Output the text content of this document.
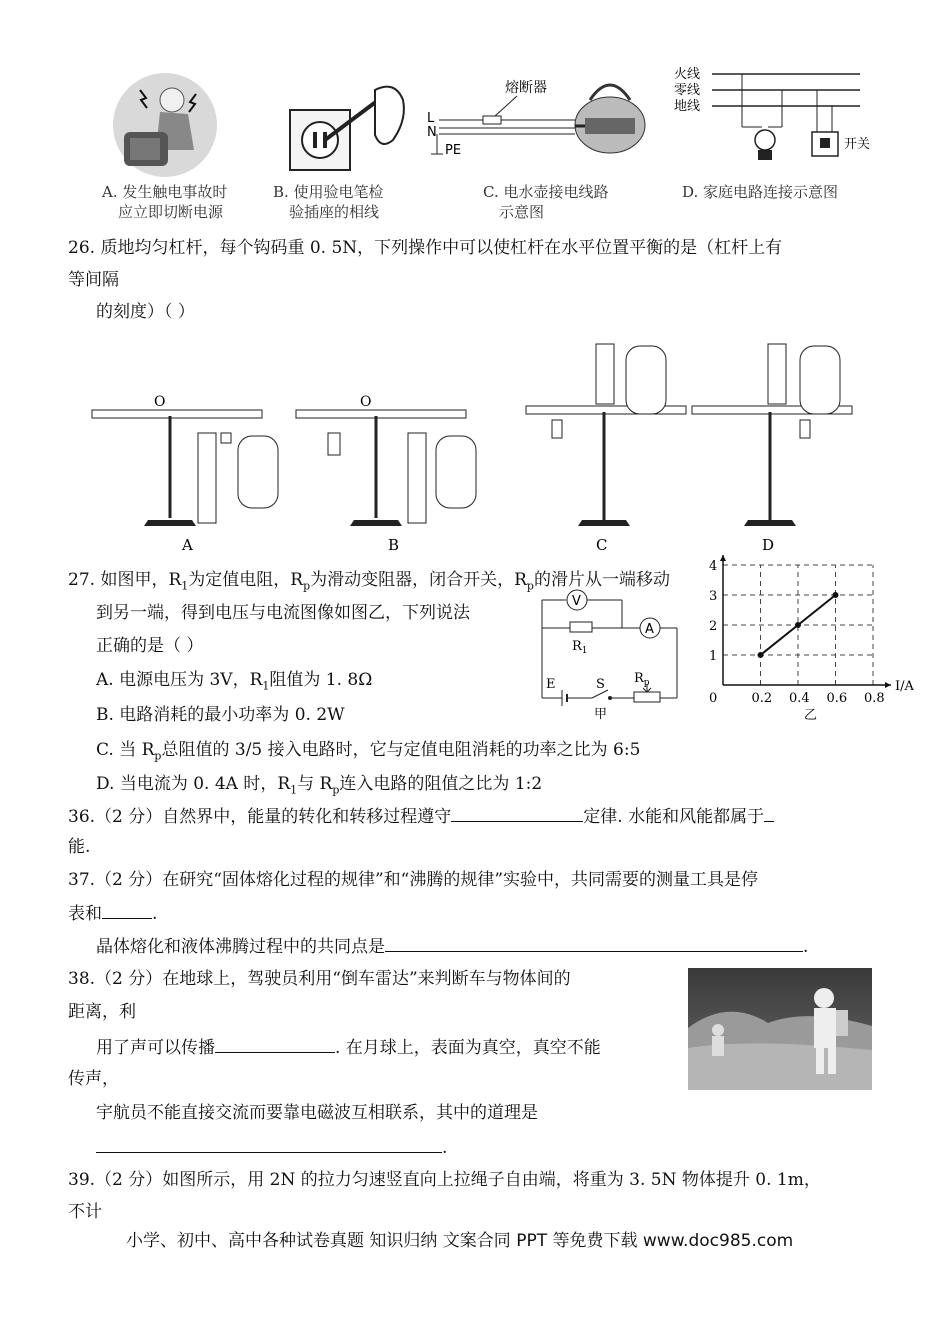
熔断器
L
N
PE
火线
零线
地线
开关
A. 发生触电事故时
应立即切断电源
B. 使用验电笔检
验插座的相线
C. 电水壶接电线路
示意图
D. 家庭电路连接示意图
26. 质地均匀杠杆，每个钩码重 0. 5N，下列操作中可以使杠杆在水平位置平衡的是（杠杆上有
等间隔
的刻度）（ ）
O
A
O
B	C	D
27. 如图甲，$R_1$为定值电阻，$R_p$为滑动变阻器，闭合开关，$R_p$的滑片从一端移动
到另一端，得到电压与电流图像如图乙，下列说法
正确的是（ ）
A. 电源电压为 3V，$R_1$阻值为 1. 8Ω
B. 电路消耗的最小功率为 0. 2W
C. 当 $R_p$总阻值的 3/5 接入电路时，它与定值电阻消耗的功率之比为 6:5
D. 当电流为 0. 4A 时，$R_1$与 $R_p$连入电路的阻值之比为 1:2
V
$R_1$
A
E	S $R_p$
甲
0.2 0.4 0.6 0.8
1
2
3
4
0
I/A
乙
36.（2 分）自然界中，能量的转化和转移过程遵守	定律. 水能和风能都属于
能.
37.（2 分）在研究“固体熔化过程的规律”和“沸腾的规律”实验中，共同需要的测量工具是停
表和	.
晶体熔化和液体沸腾过程中的共同点是	.
38.（2 分）在地球上，驾驶员利用“倒车雷达”来判断车与物体间的
距离，利
用了声可以传播	. 在月球上，表面为真空，真空不能
传声，
宇航员不能直接交流而要靠电磁波互相联系，其中的道理是
.
39.（2 分）如图所示，用 2N 的拉力匀速竖直向上拉绳子自由端，将重为 3. 5N 物体提升 0. 1m，
不计
小学、初中、高中各种试卷真题 知识归纳 文案合同 PPT 等免费下载 www.doc985.com
